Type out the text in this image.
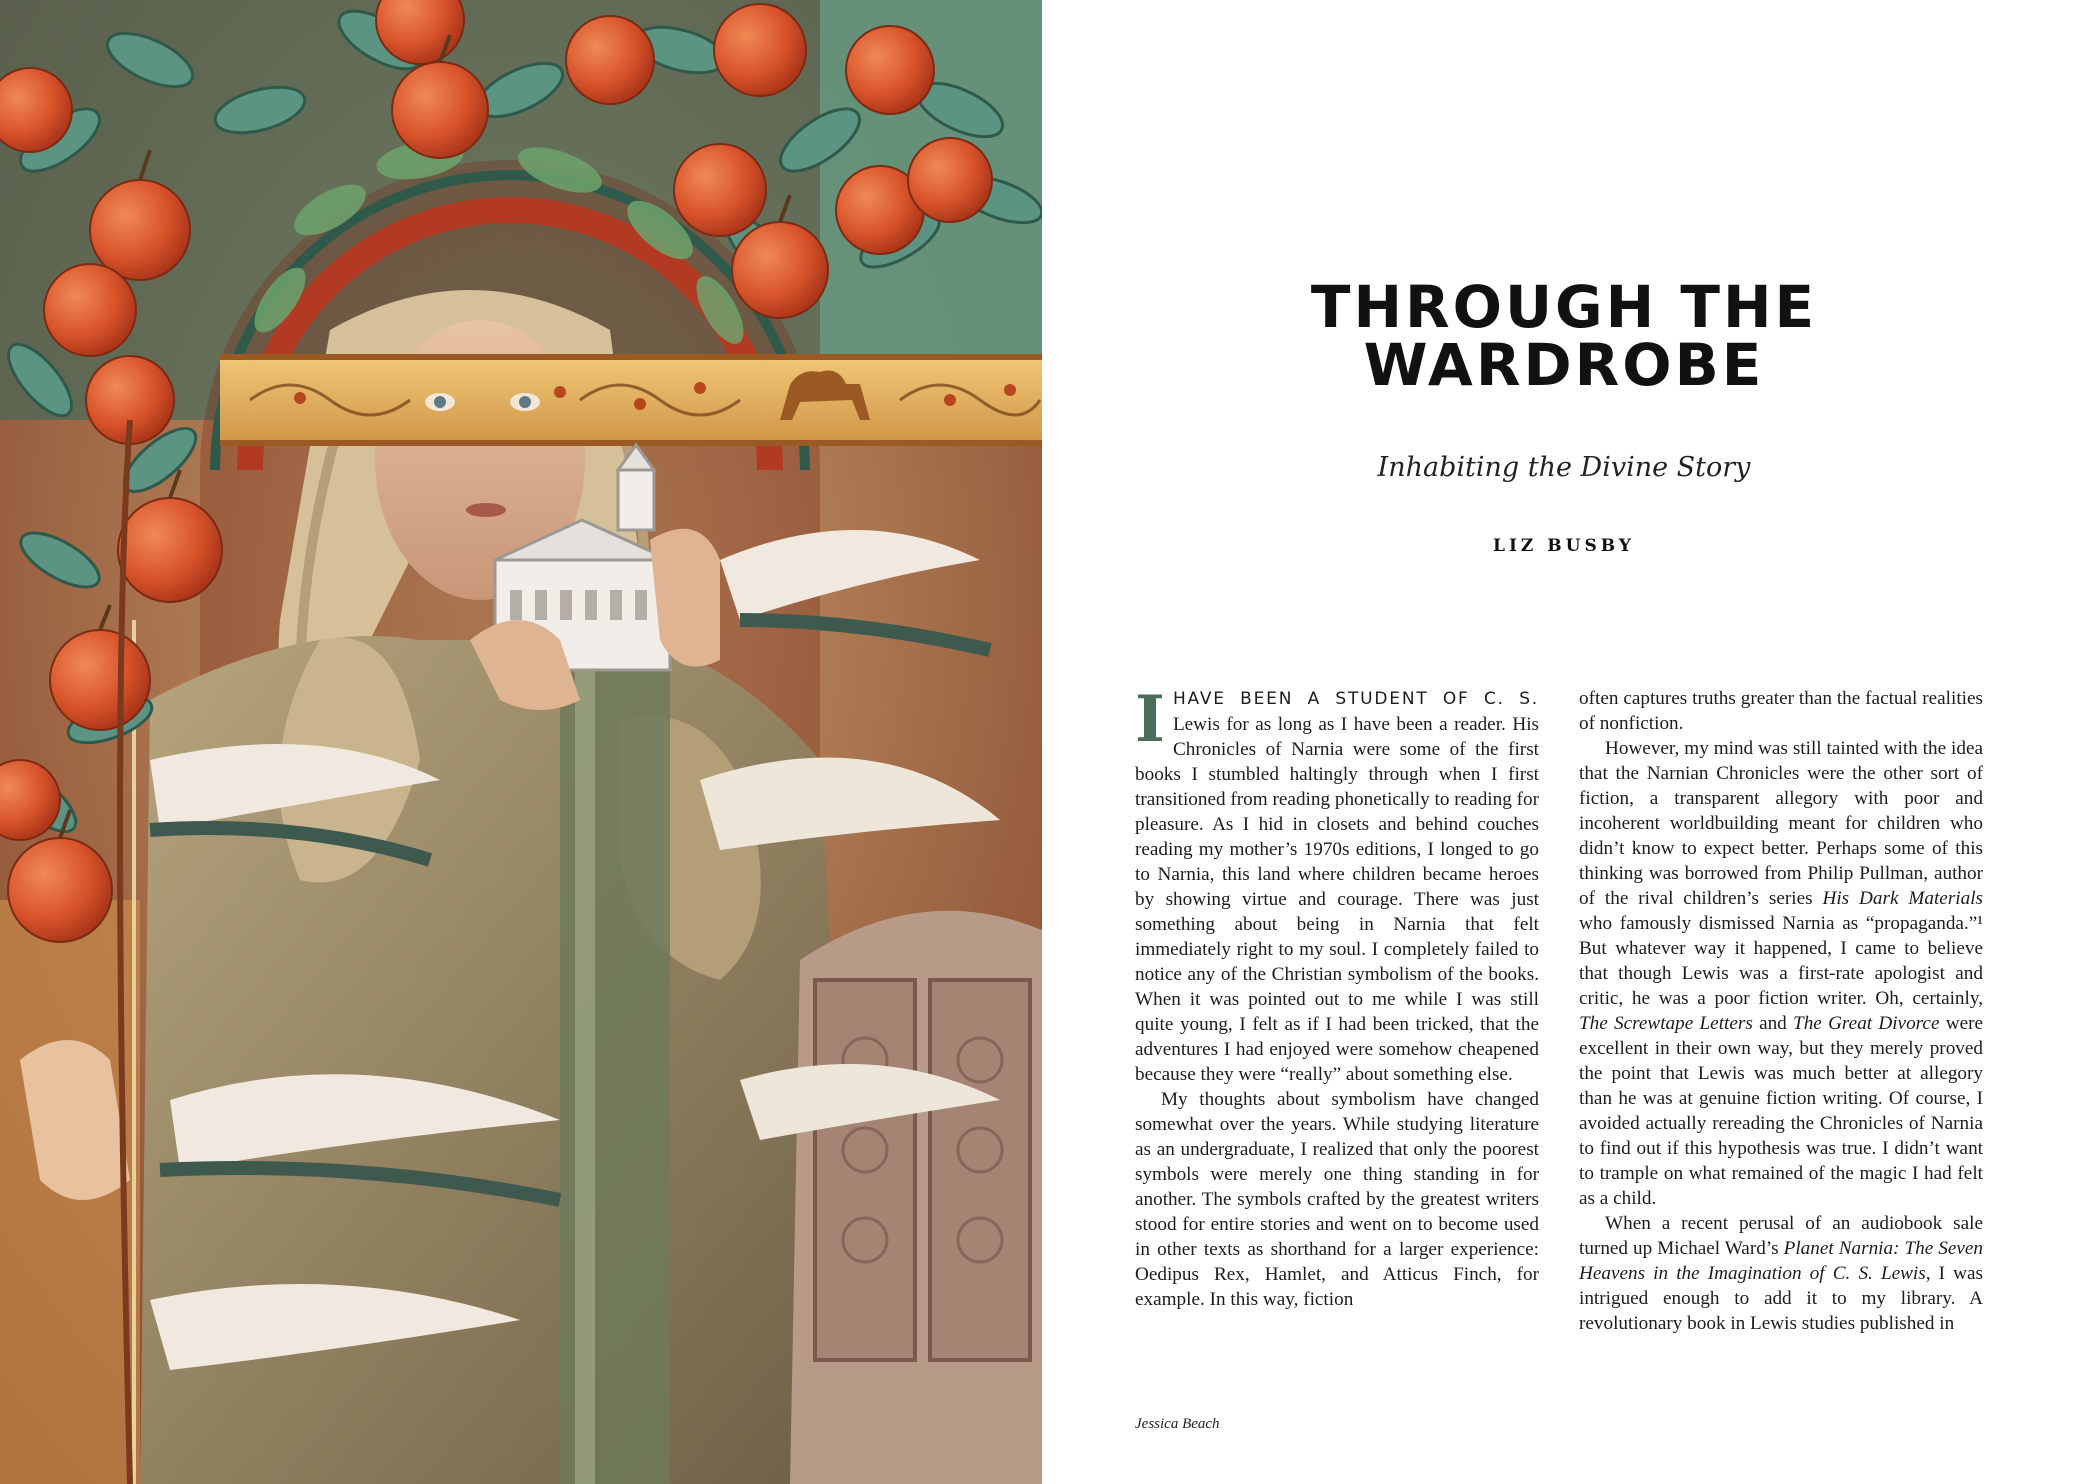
THROUGH THE
WARDROBE
Inhabiting the Divine Story
LIZ BUSBY

IHAVE BEEN A STUDENT OF C. S. Lewis for as long as I have been a reader. His Chronicles of Narnia were some of the first books I stumbled haltingly through when I first transitioned from reading phonetically to reading for pleasure. As I hid in closets and behind couches reading my mother’s 1970s editions, I longed to go to Narnia, this land where children became heroes by showing virtue and courage. There was just something about being in Narnia that felt immediately right to my soul. I completely failed to notice any of the Christian symbolism of the books. When it was pointed out to me while I was still quite young, I felt as if I had been tricked, that the adventures I had enjoyed were somehow cheapened because they were “really” about something else.

My thoughts about symbolism have changed somewhat over the years. While studying literature as an undergraduate, I realized that only the poorest symbols were merely one thing standing in for another. The symbols crafted by the greatest writers stood for entire stories and went on to become used in other texts as shorthand for a larger experience: Oedipus Rex, Hamlet, and Atticus Finch, for example. In this way, fiction

often captures truths greater than the factual realities of nonfiction.

However, my mind was still tainted with the idea that the Narnian Chronicles were the other sort of fiction, a transparent allegory with poor and incoherent worldbuilding meant for children who didn’t know to expect better. Perhaps some of this thinking was borrowed from Philip Pullman, author of the rival children’s series His Dark Materials who famously dismissed Narnia as “propaganda.”¹ But whatever way it happened, I came to believe that though Lewis was a first-rate apologist and critic, he was a poor fiction writer. Oh, certainly, The Screwtape Letters and The Great Divorce were excellent in their own way, but they merely proved the point that Lewis was much better at allegory than he was at genuine fiction writing. Of course, I avoided actually rereading the Chronicles of Narnia to find out if this hypothesis was true. I didn’t want to trample on what remained of the magic I had felt as a child.

When a recent perusal of an audiobook sale turned up Michael Ward’s Planet Narnia: The Seven Heavens in the Imagination of C. S. Lewis, I was intrigued enough to add it to my library. A revolutionary book in Lewis studies published in

Jessica Beach
